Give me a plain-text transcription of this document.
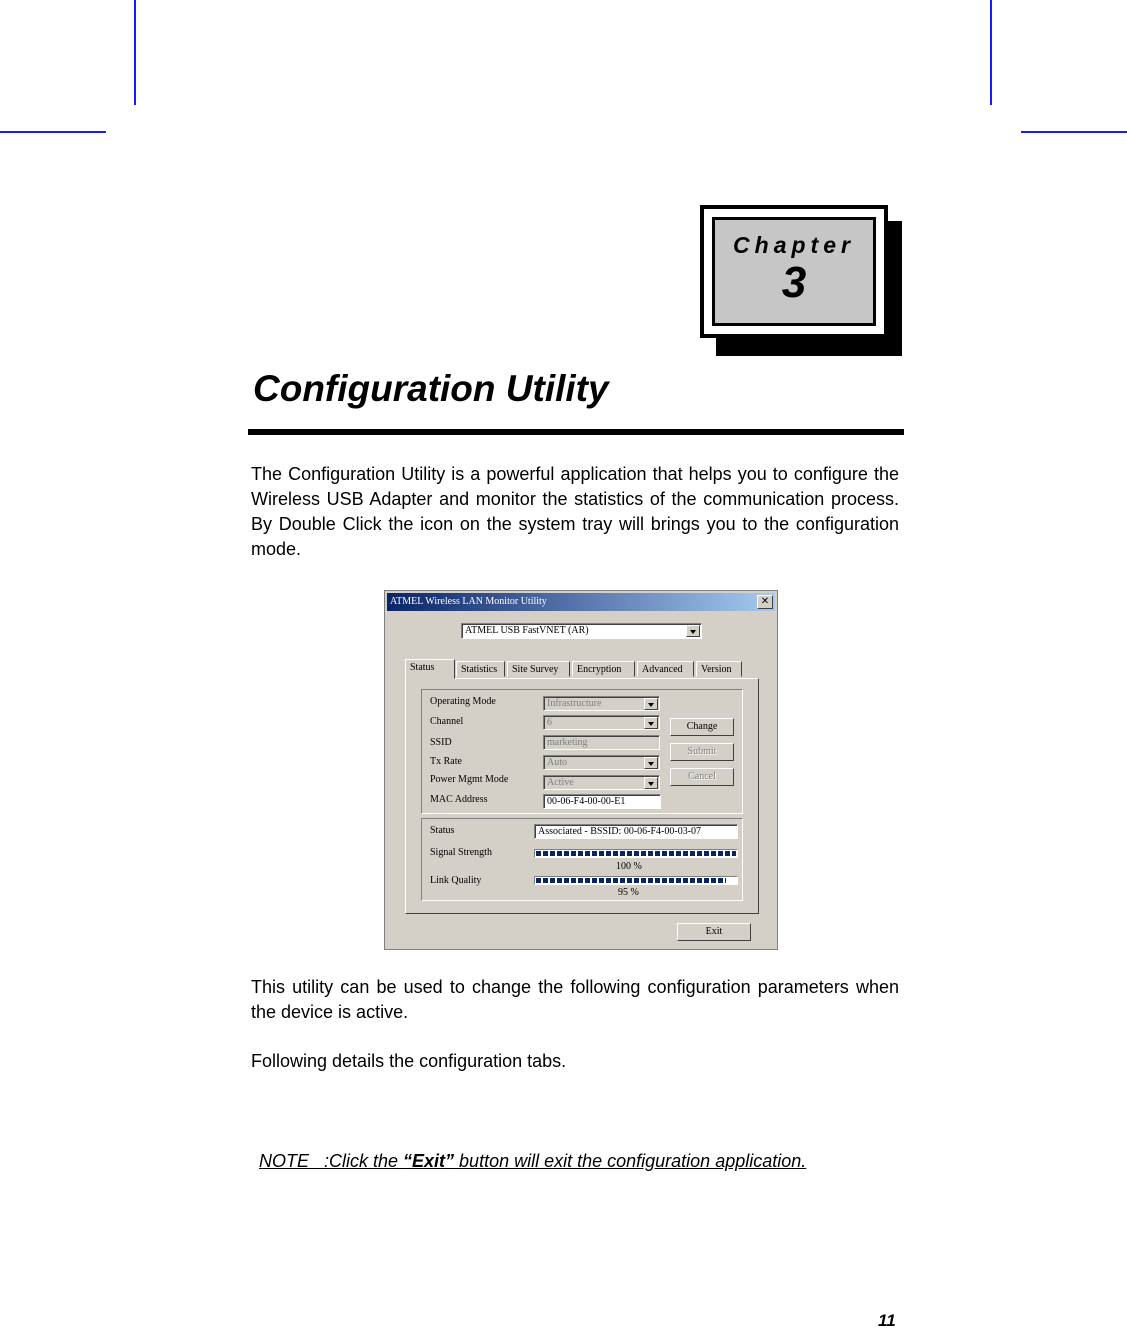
Chapter
3
Configuration Utility
The Configuration Utility is a powerful application that helps you to configure the Wireless USB Adapter and monitor the statistics of the communication process. By Double Click the icon on the system tray will brings you to the configuration mode.
ATMEL Wireless LAN Monitor Utility	✕
ATMEL USB FastVNET (AR)
Status	Statistics	Site Survey	Encryption	Advanced	Version
Operating Mode	Infrastructure
Channel	6
SSID	marketing
Tx Rate	Auto
Power Mgmt Mode	Active
MAC Address	00-06-F4-00-00-E1
Change
Submit
Cancel
Status	Associated - BSSID: 00-06-F4-00-03-07
Signal Strength
100 %
Link Quality
95 %
Exit
This utility can be used to change the following configuration parameters when the device is active.
Following details the configuration tabs.
NOTE   :Click the “Exit” button will exit the configuration application.
11
